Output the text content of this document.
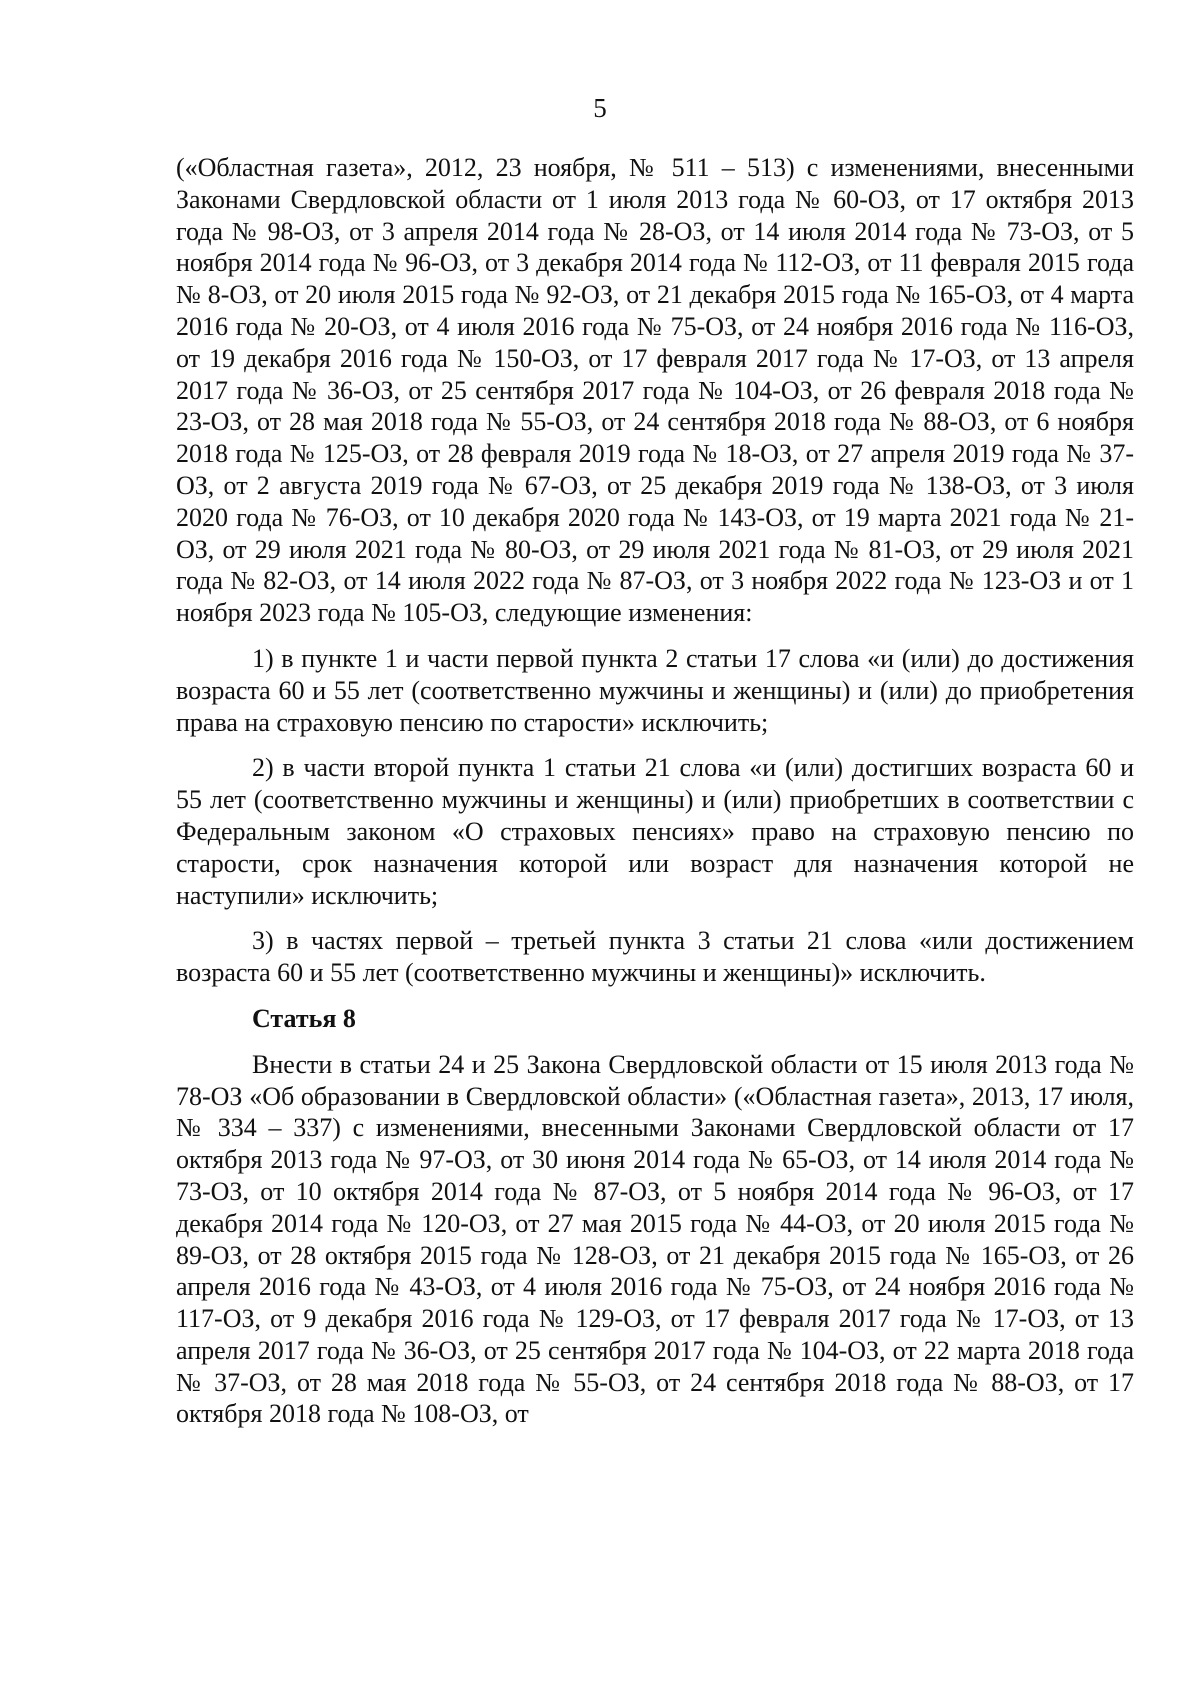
5

(«Областная газета», 2012, 23 ноября, № 511 – 513) с изменениями, внесенными Законами Свердловской области от 1 июля 2013 года № 60-ОЗ, от 17 октября 2013 года № 98-ОЗ, от 3 апреля 2014 года № 28-ОЗ, от 14 июля 2014 года № 73-ОЗ, от 5 ноября 2014 года № 96-ОЗ, от 3 декабря 2014 года № 112-ОЗ, от 11 февраля 2015 года № 8-ОЗ, от 20 июля 2015 года № 92-ОЗ, от 21 декабря 2015 года № 165-ОЗ, от 4 марта 2016 года № 20-ОЗ, от 4 июля 2016 года № 75-ОЗ, от 24 ноября 2016 года № 116-ОЗ, от 19 декабря 2016 года № 150-ОЗ, от 17 февраля 2017 года № 17-ОЗ, от 13 апреля 2017 года № 36-ОЗ, от 25 сентября 2017 года № 104-ОЗ, от 26 февраля 2018 года № 23-ОЗ, от 28 мая 2018 года № 55-ОЗ, от 24 сентября 2018 года № 88-ОЗ, от 6 ноября 2018 года № 125-ОЗ, от 28 февраля 2019 года № 18-ОЗ, от 27 апреля 2019 года № 37-ОЗ, от 2 августа 2019 года № 67-ОЗ, от 25 декабря 2019 года № 138-ОЗ, от 3 июля 2020 года № 76-ОЗ, от 10 декабря 2020 года № 143-ОЗ, от 19 марта 2021 года № 21-ОЗ, от 29 июля 2021 года № 80-ОЗ, от 29 июля 2021 года № 81-ОЗ, от 29 июля 2021 года № 82-ОЗ, от 14 июля 2022 года № 87-ОЗ, от 3 ноября 2022 года № 123-ОЗ и от 1 ноября 2023 года № 105-ОЗ, следующие изменения:

1) в пункте 1 и части первой пункта 2 статьи 17 слова «и (или) до достижения возраста 60 и 55 лет (соответственно мужчины и женщины) и (или) до приобретения права на страховую пенсию по старости» исключить;

2) в части второй пункта 1 статьи 21 слова «и (или) достигших возраста 60 и 55 лет (соответственно мужчины и женщины) и (или) приобретших в соответствии с Федеральным законом «О страховых пенсиях» право на страховую пенсию по старости, срок назначения которой или возраст для назначения которой не наступили» исключить;

3) в частях первой – третьей пункта 3 статьи 21 слова «или достижением возраста 60 и 55 лет (соответственно мужчины и женщины)» исключить.

Статья 8

Внести в статьи 24 и 25 Закона Свердловской области от 15 июля 2013 года № 78-ОЗ «Об образовании в Свердловской области» («Областная газета», 2013, 17 июля, № 334 – 337) с изменениями, внесенными Законами Свердловской области от 17 октября 2013 года № 97-ОЗ, от 30 июня 2014 года № 65-ОЗ, от 14 июля 2014 года № 73-ОЗ, от 10 октября 2014 года № 87-ОЗ, от 5 ноября 2014 года № 96-ОЗ, от 17 декабря 2014 года № 120-ОЗ, от 27 мая 2015 года № 44-ОЗ, от 20 июля 2015 года № 89-ОЗ, от 28 октября 2015 года № 128-ОЗ, от 21 декабря 2015 года № 165-ОЗ, от 26 апреля 2016 года № 43-ОЗ, от 4 июля 2016 года № 75-ОЗ, от 24 ноября 2016 года № 117-ОЗ, от 9 декабря 2016 года № 129-ОЗ, от 17 февраля 2017 года № 17-ОЗ, от 13 апреля 2017 года № 36-ОЗ, от 25 сентября 2017 года № 104-ОЗ, от 22 марта 2018 года № 37-ОЗ, от 28 мая 2018 года № 55-ОЗ, от 24 сентября 2018 года № 88-ОЗ, от 17 октября 2018 года № 108-ОЗ, от
